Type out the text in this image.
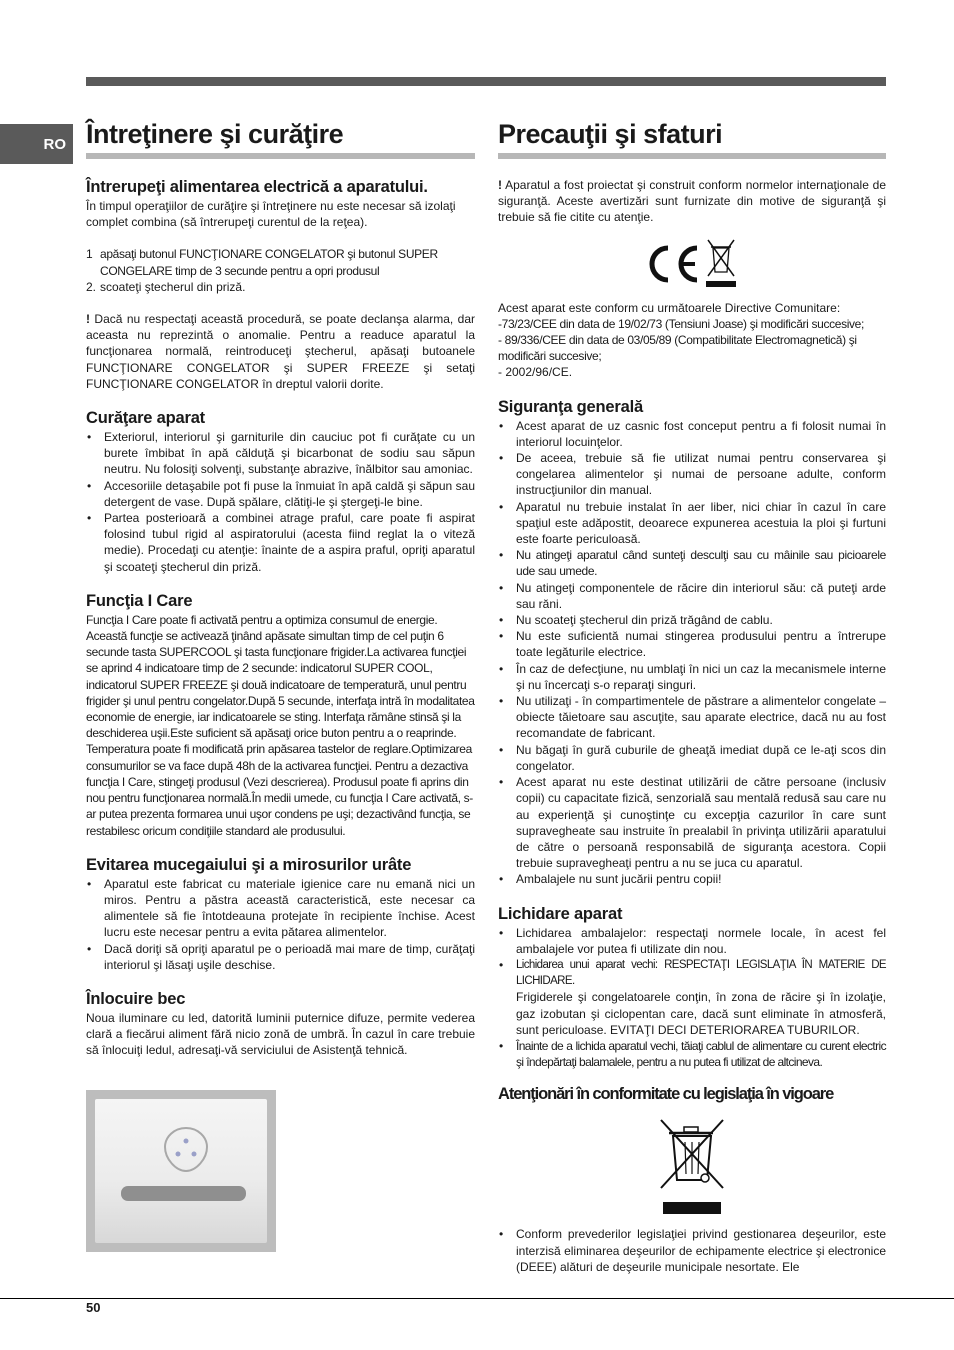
RO Întreţinere şi curăţire
Întrerupeţi alimentarea electrică a aparatului.

În timpul operaţiilor de curăţire şi întreţinere nu este necesar să izolaţi complet combina (să întrerupeţi curentul de la reţea).

1 apăsaţi butonul FUNCŢIONARE CONGELATOR şi butonul SUPER CONGELARE timp de 3 secunde pentru a opri produsul
2. scoateţi ştecherul din priză.

! Dacă nu respectaţi această procedură, se poate declanşa alarma, dar aceasta nu reprezintă o anomalie. Pentru a readuce aparatul la funcţionarea normală, reintroduceţi ştecherul, apăsaţi butoanele FUNCŢIONARE CONGELATOR şi SUPER FREEZE şi setaţi FUNCŢIONARE CONGELATOR în dreptul valorii dorite.

Curăţare aparat
• Exteriorul, interiorul şi garniturile din cauciuc pot fi curăţate cu un burete îmbibat în apă călduţă şi bicarbonat de sodiu sau săpun neutru. Nu folosiţi solvenţi, substanţe abrazive, înălbitor sau amoniac.
• Accesoriile detaşabile pot fi puse la înmuiat în apă caldă şi săpun sau detergent de vase. După spălare, clătiţi-le şi ştergeţi-le bine.
• Partea posterioară a combinei atrage praful, care poate fi aspirat folosind tubul rigid al aspiratorului (acesta fiind reglat la o viteză medie). Procedaţi cu atenţie: înainte de a aspira praful, opriţi aparatul şi scoateţi ştecherul din priză.
Funcţia I Care

Funcţia I Care poate fi activată pentru a optimiza consumul de energie. Această funcţie se activează ţinând apăsate simultan timp de cel puţin 6 secunde tasta SUPERCOOL şi tasta funcţionare frigider.La activarea funcţiei se aprind 4 indicatoare timp de 2 secunde: indicatorul SUPER COOL, indicatorul SUPER FREEZE şi două indicatoare de temperatură, unul pentru frigider şi unul pentru congelator.După 5 secunde, interfaţa intră în modalitatea economie de energie, iar indicatoarele se sting. Interfaţa rămâne stinsă şi la deschiderea uşii.Este suficient să apăsaţi orice buton pentru a o reaprinde. Temperatura poate fi modificată prin apăsarea tastelor de reglare.Optimizarea consumurilor se va face după 48h de la activarea funcţiei. Pentru a dezactiva funcţia I Care, stingeţi produsul (Vezi descrierea). Produsul poate fi aprins din nou pentru funcţionarea normală.În medii umede, cu funcţia I Care activată, s-ar putea prezenta formarea unui uşor condens pe uşi; dezactivând funcţia, se restabilesc oricum condiţiile standard ale produsului.

Evitarea mucegaiului şi a mirosurilor urâte
• Aparatul este fabricat cu materiale igienice care nu emană nici un miros. Pentru a păstra această caracteristică, este necesar ca alimentele să fie întotdeauna protejate în recipiente închise. Acest lucru este necesar pentru a evita pătarea alimentelor.
• Dacă doriţi să opriţi aparatul pe o perioadă mai mare de timp, curăţaţi interiorul şi lăsaţi uşile deschise.
Înlocuire bec

Noua iluminare cu led, datorită luminii puternice difuze, permite vederea clară a fiecărui aliment fără nicio zonă de umbră. În cazul în care trebuie să înlocuiţi ledul, adresaţi-vă serviciului de Asistenţă tehnică.

Precauţii şi sfaturi

! Aparatul a fost proiectat şi construit conform normelor internaţionale de siguranţă. Aceste avertizări sunt furnizate din motive de siguranţă şi trebuie să fie citite cu atenţie.

Acest aparat este conform cu următoarele Directive Comunitare:

-73/23/CEE din data de 19/02/73 (Tensiuni Joase) şi modificări succesive;

- 89/336/CEE din data de 03/05/89 (Compatibilitate Electromagnetică) şi modificări succesive;

- 2002/96/CE.

Siguranţa generală
• Acest aparat de uz casnic fost conceput pentru a fi folosit numai în interiorul locuinţelor.
• De aceea, trebuie să fie utilizat numai pentru conservarea şi congelarea alimentelor şi numai de persoane adulte, conform instrucţiunilor din manual.
• Aparatul nu trebuie instalat în aer liber, nici chiar în cazul în care spaţiul este adăpostit, deoarece expunerea acestuia la ploi şi furtuni este foarte periculoasă.
• Nu atingeţi aparatul când sunteţi desculţi sau cu mâinile sau picioarele ude sau umede.
• Nu atingeţi componentele de răcire din interiorul său: că puteţi arde sau răni.
• Nu scoateţi ştecherul din priză trăgând de cablu.
• Nu este suficientă numai stingerea produsului pentru a întrerupe toate legăturile electrice.
• În caz de defecţiune, nu umblaţi în nici un caz la mecanismele interne şi nu încercaţi s-o reparaţi singuri.
• Nu utilizaţi - în compartimentele de păstrare a alimentelor congelate – obiecte tăietoare sau ascuţite, sau aparate electrice, dacă nu au fost recomandate de fabricant.
• Nu băgaţi în gură cuburile de gheaţă imediat după ce le-aţi scos din congelator.
• Acest aparat nu este destinat utilizării de către persoane (inclusiv copii) cu capacitate fizică, senzorială sau mentală redusă sau care nu au experienţă şi cunoştinţe cu excepţia cazurilor în care sunt supravegheate sau instruite în prealabil în privinţa utilizării aparatului de către o persoană responsabilă de siguranţa acestora. Copii trebuie supravegheaţi pentru a nu se juca cu aparatul.
• Ambalajele nu sunt jucării pentru copii!
Lichidare aparat
• Lichidarea ambalajelor: respectaţi normele locale, în acest fel ambalajele vor putea fi utilizate din nou.
• Lichidarea unui aparat vechi: RESPECTAŢI LEGISLAŢIA ÎN MATERIE DE LICHIDARE.
Frigiderele şi congelatoarele conţin, în zona de răcire şi în izolaţie, gaz izobutan şi ciclopentan care, dacă sunt eliminate în atmosferă, sunt periculoase. EVITAŢI DECI DETERIORAREA TUBURILOR.
• Înainte de a lichida aparatul vechi, tăiaţi cablul de alimentare cu curent electric şi îndepărtaţi balamalele, pentru a nu putea fi utilizat de altcineva.
Atenţionări în conformitate cu legislaţia în vigoare
• Conform prevederilor legislaţiei privind gestionarea deşeurilor, este interzisă eliminarea deşeurilor de echipamente electrice şi electronice (DEEE) alături de deşeurile municipale nesortate. Ele
50
